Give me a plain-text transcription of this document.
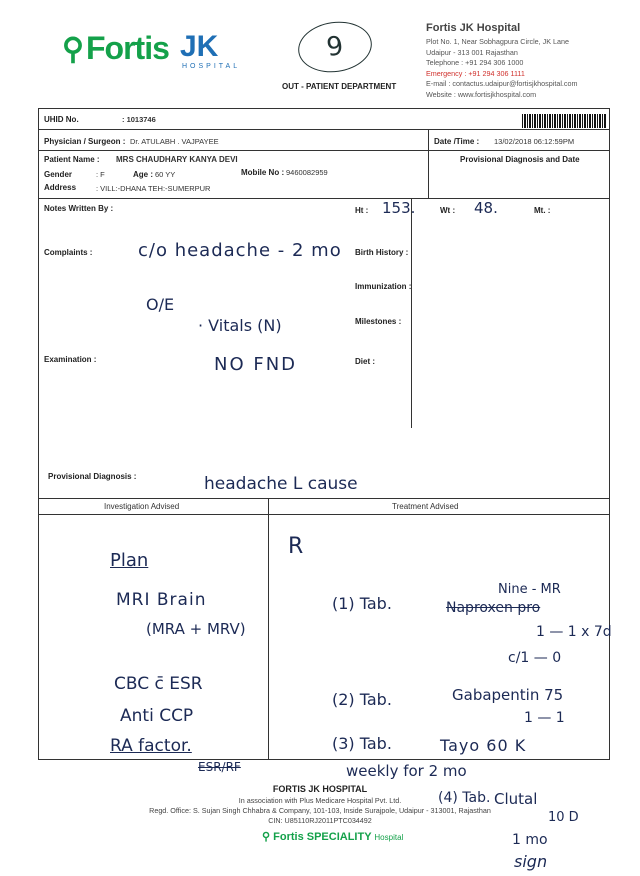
⚲Fortis JK
HOSPITAL
9
OUT - PATIENT DEPARTMENT
Fortis JK Hospital
Plot No. 1, Near Sobhagpura Circle, JK Lane
Udaipur - 313 001 Rajasthan
Telephone : +91 294 306 1000
Emergency : +91 294 306 1111
E-mail : contactus.udaipur@fortisjkhospital.com
Website : www.fortisjkhospital.com
UHID No.	: 1013746
Physician / Surgeon : Dr. ATULABH . VAJPAYEE	Date /Time : 13/02/2018 06:12:59PM
Patient Name : MRS CHAUDHARY KANYA DEVI	Provisional Diagnosis and Date
Gender	: F	Age : 60 YY	Mobile No : 9460082959
Address	: VILL:-DHANA TEH:-SUMERPUR
Notes Written By :	Ht :	Wt :	Mt. :
Complaints :	Birth History :
Immunization :
Milestones :
Examination :	Diet :
Provisional Diagnosis :
Investigation Advised	Treatment Advised
153.	48.
c/o headache - 2 mo
O/E
· Vitals (N)
NO FND
headache L cause
Plan
MRI Brain
(MRA + MRV)
CBC c̄ ESR
Anti CCP
RA factor.
ESR/RF
R
(1) Tab.
Nine - MR
Naproxen pro
1 — 1 x 7d
c/1 — 0
(2) Tab.	Gabapentin 75
1 — 1
(3) Tab.	Tayo 60 K
weekly for 2 mo
(4) Tab. Clutal
10 D
1 mo
sign
FORTIS JK HOSPITAL
In association with Plus Medicare Hospital Pvt. Ltd.
Regd. Office: S. Sujan Singh Chhabra & Company, 101-103, Inside Surajpole, Udaipur - 313001, Rajasthan
CIN: U85110RJ2011PTC034492
⚲ Fortis SPECIALITY Hospital
